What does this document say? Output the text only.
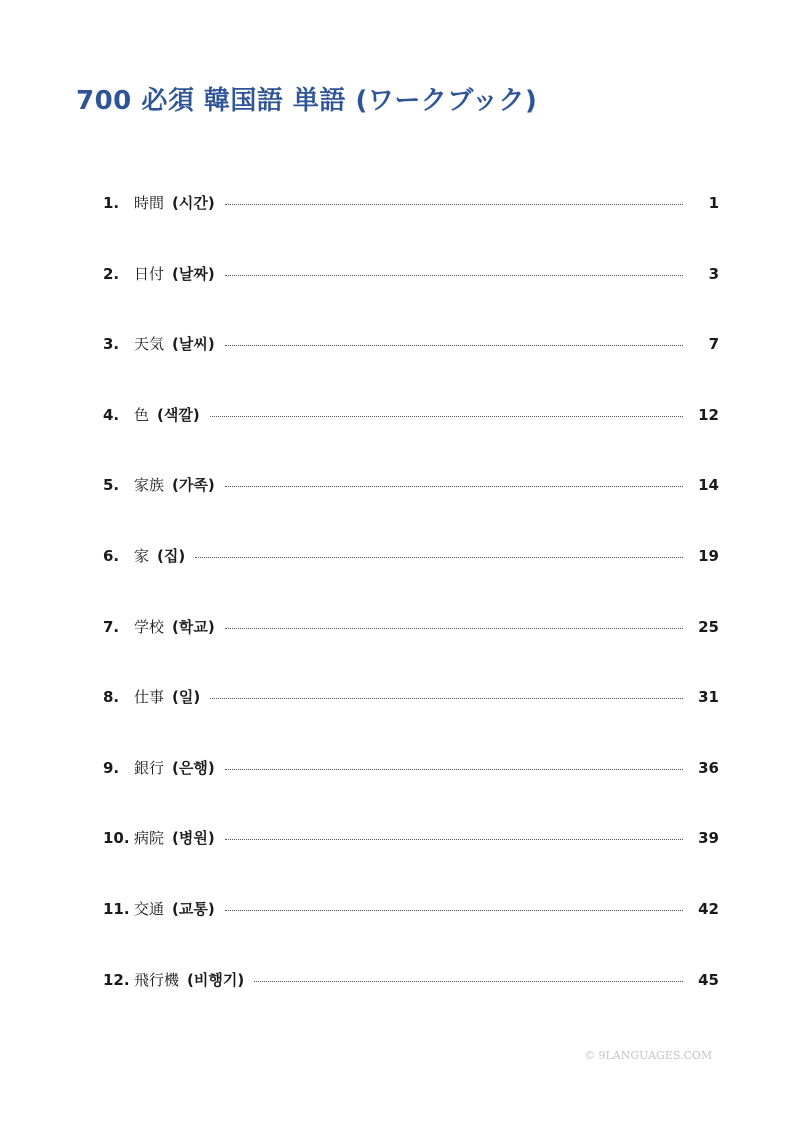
700 必須 韓国語 単語 (ワークブック)
1. 時間 (시간)	1
2. 日付 (날짜)	3
3. 天気 (날씨)	7
4. 色 (색깔)	12
5. 家族 (가족)	14
6. 家 (집)	19
7. 学校 (학교)	25
8. 仕事 (일)	31
9. 銀行 (은행)	36
10. 病院 (병원)	39
11. 交通 (교통)	42
12. 飛行機 (비행기)	45
© 9LANGUAGES.COM
